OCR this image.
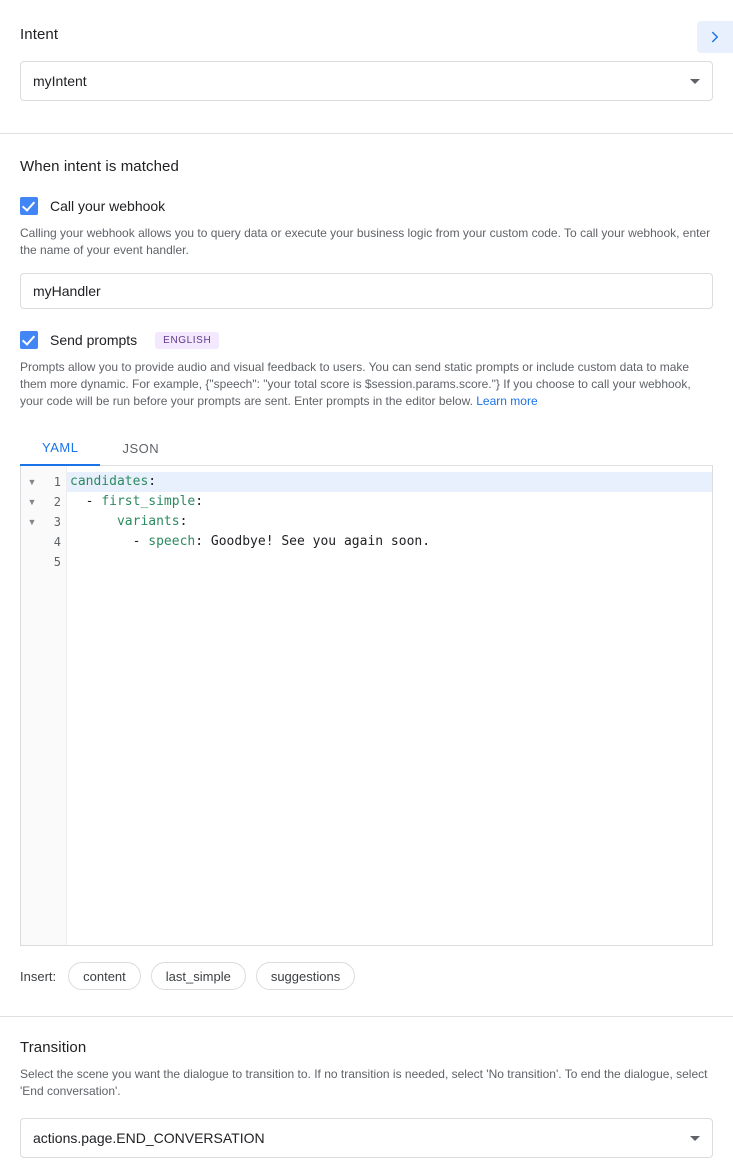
Intent
myIntent
When intent is matched
Call your webhook
Calling your webhook allows you to query data or execute your business logic from your custom code. To call your webhook, enter the name of your event handler.
myHandler
Send prompts	ENGLISH
Prompts allow you to provide audio and visual feedback to users. You can send static prompts or include custom data to make them more dynamic. For example, {"speech": "your total score is $session.params.score."} If you choose to call your webhook, your code will be run before your prompts are sent. Enter prompts in the editor below. Learn more
YAML	JSON
▼
▼
▼
1
2
3
4
5
candidates:
- first_simple:
variants:
- speech: Goodbye! See you again soon.
Insert:	content	last_simple	suggestions
Transition
Select the scene you want the dialogue to transition to. If no transition is needed, select 'No transition'. To end the dialogue, select 'End conversation'.
actions.page.END_CONVERSATION
